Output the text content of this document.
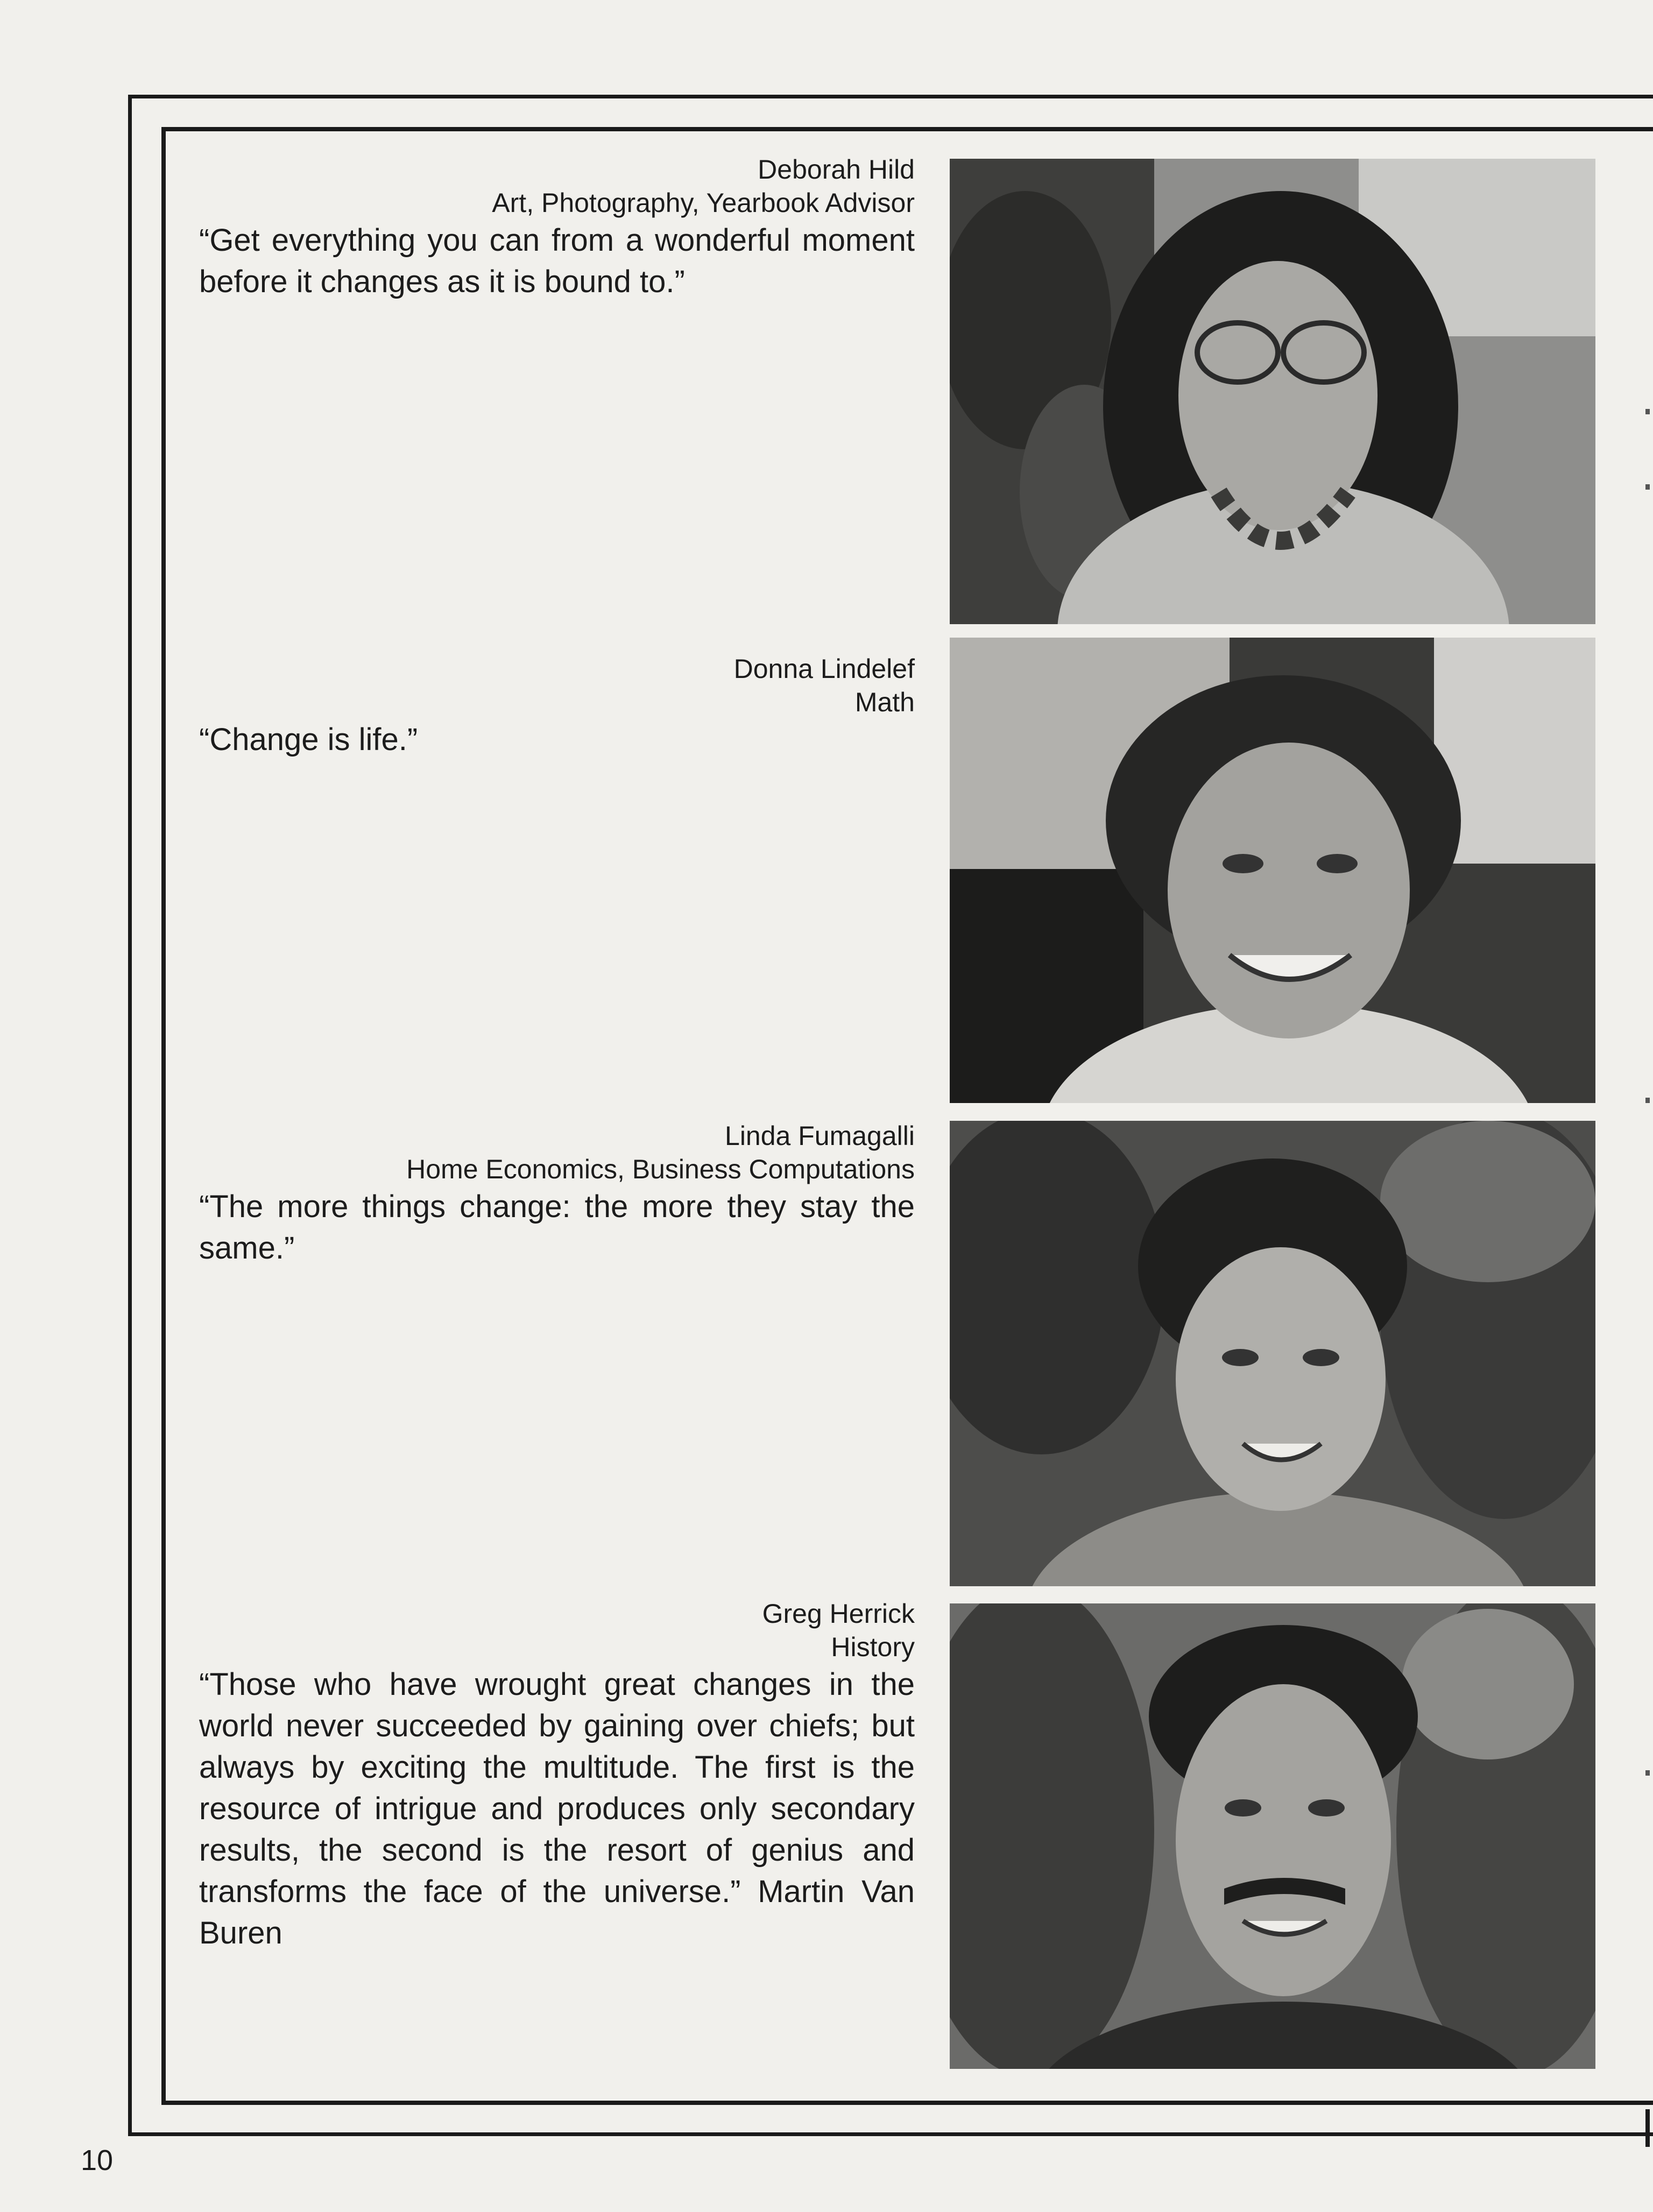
Deborah Hild

Art, Photography, Yearbook Advisor

“Get everything you can from a wonderful moment before it changes as it is bound to.”

Donna Lindelef

Math

“Change is life.”

Linda Fumagalli

Home Economics, Business Computations

“The more things change: the more they stay the same.”

Greg Herrick

History

“Those who have wrought great changes in the world never succeeded by gaining over chiefs; but always by exciting the multitude. The first is the resource of intrigue and produces only secondary results, the second is the resort of genius and transforms the face of the universe.” Martin Van Buren

10
